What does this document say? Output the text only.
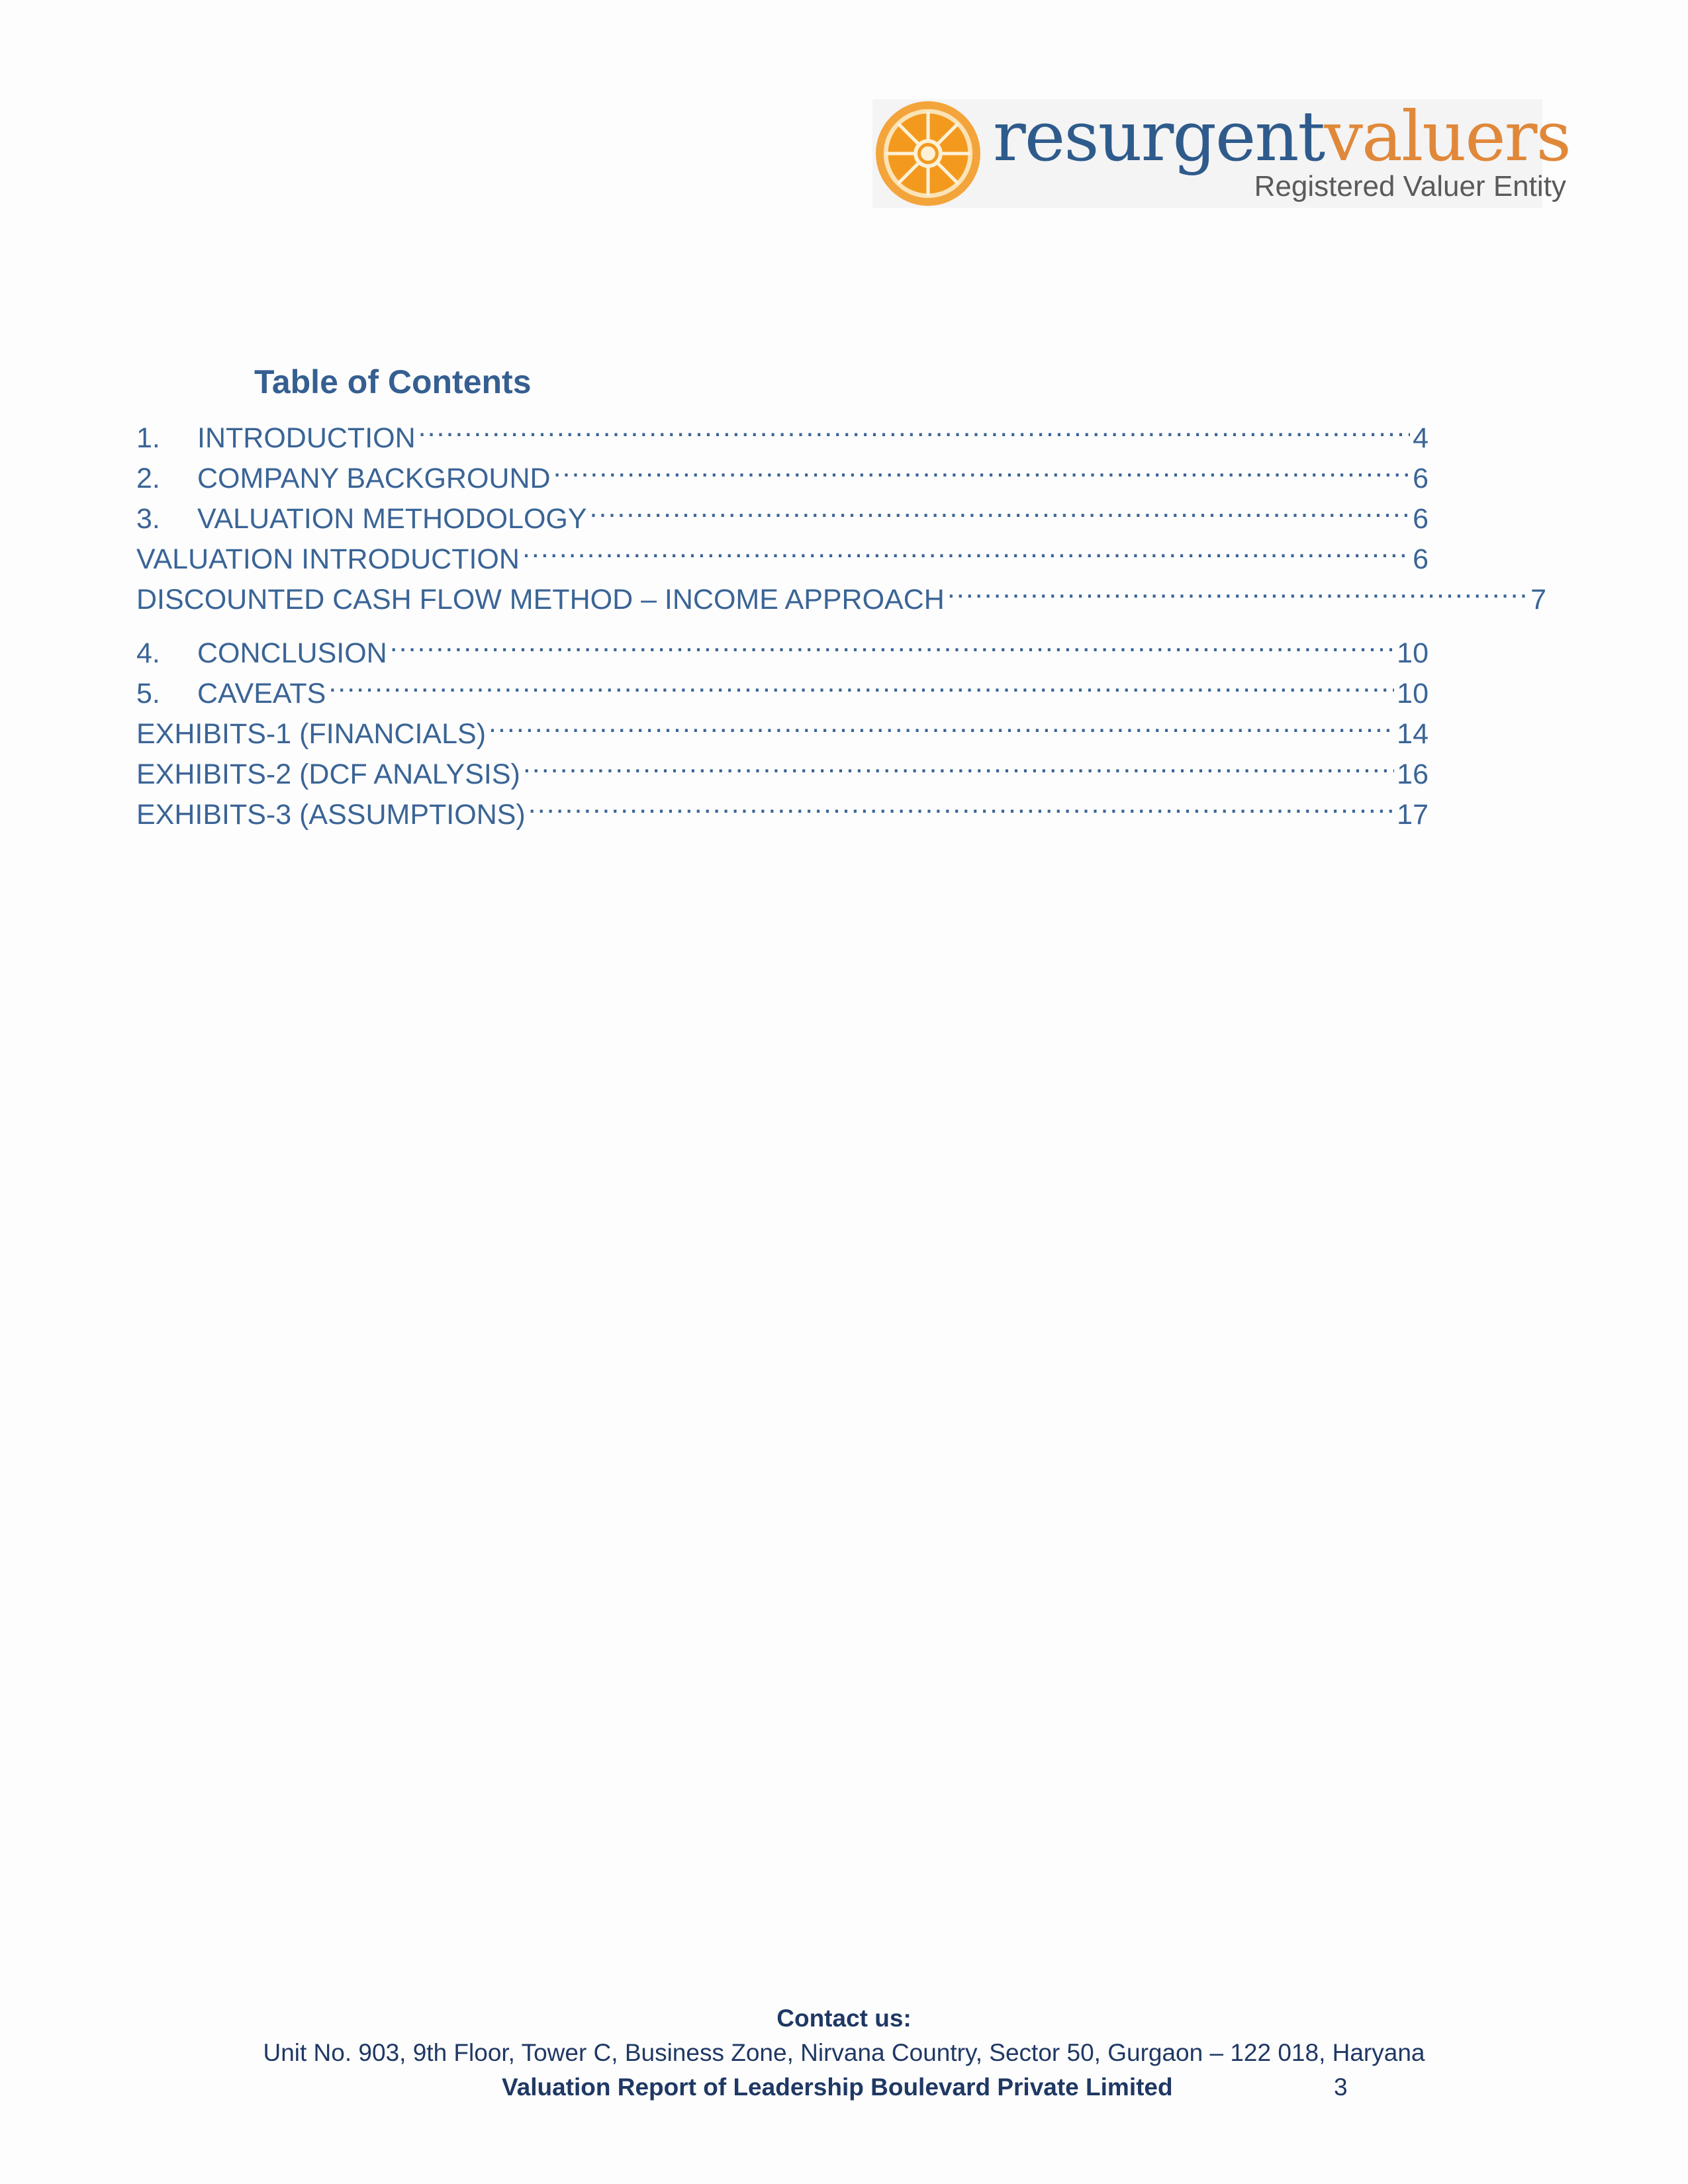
resurgentvaluers
Registered Valuer Entity
Table of Contents
1.	INTRODUCTION .....	4
2.	COMPANY BACKGROUND .....	6
3.	VALUATION METHODOLOGY .....	6
VALUATION INTRODUCTION .....	6
DISCOUNTED CASH FLOW METHOD – INCOME APPROACH .....	7
4.	CONCLUSION .....	10
5.	CAVEATS .....	10
EXHIBITS-1 (FINANCIALS) .....	14
EXHIBITS-2 (DCF ANALYSIS) .....	16
EXHIBITS-3 (ASSUMPTIONS) .....	17
Contact us:
Unit No. 903, 9th Floor, Tower C, Business Zone, Nirvana Country, Sector 50, Gurgaon – 122 018, Haryana
Valuation Report of Leadership Boulevard Private Limited	3
